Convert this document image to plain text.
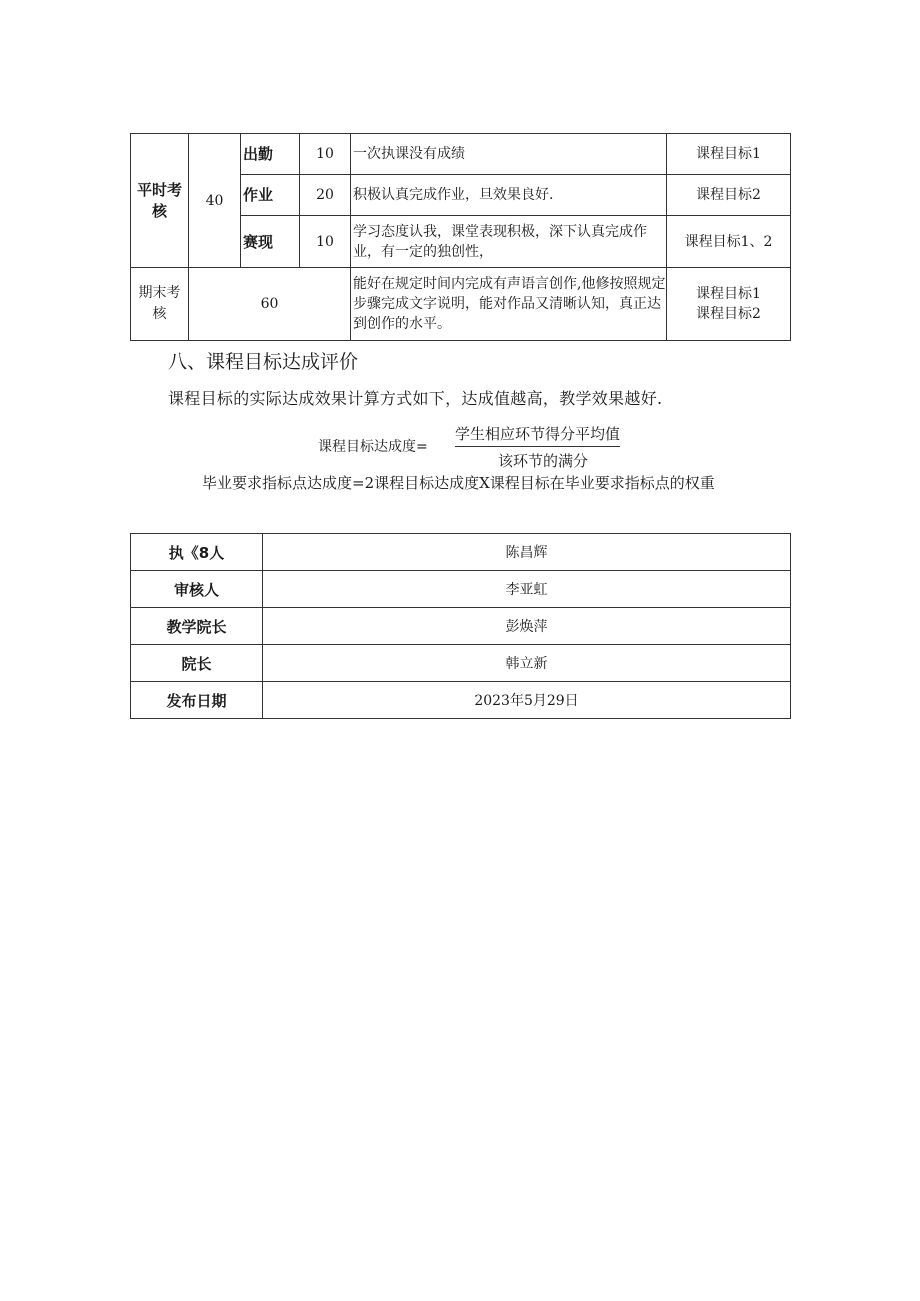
平时考核	40	出勤	10	一次执课没有成绩	课程目标1
		作业	20	积极认真完成作业，旦效果良好.	课程目标2
		赛现	10	学习态度认我，课堂表现积极，深下认真完成作业，有一定的独创性，	课程目标1、2
期末考核	60			能好在规定时间内完成有声语言创作,他修按照规定步骤完成文字说明，能对作品又清晰认知，真正达到创作的水平。	课程目标1
课程目标2
八、课程目标达成评价
课程目标的实际达成效果计算方式如下，达成值越高，教学效果越好.
课程目标达成度=
学生相应环节得分平均值
该环节的满分
毕业要求指标点达成度=2课程目标达成度X课程目标在毕业要求指标点的权重
执《8人	陈昌辉
审核人	李亚虹
教学院长	彭焕萍
院长	韩立新
发布日期	2023年5月29日
